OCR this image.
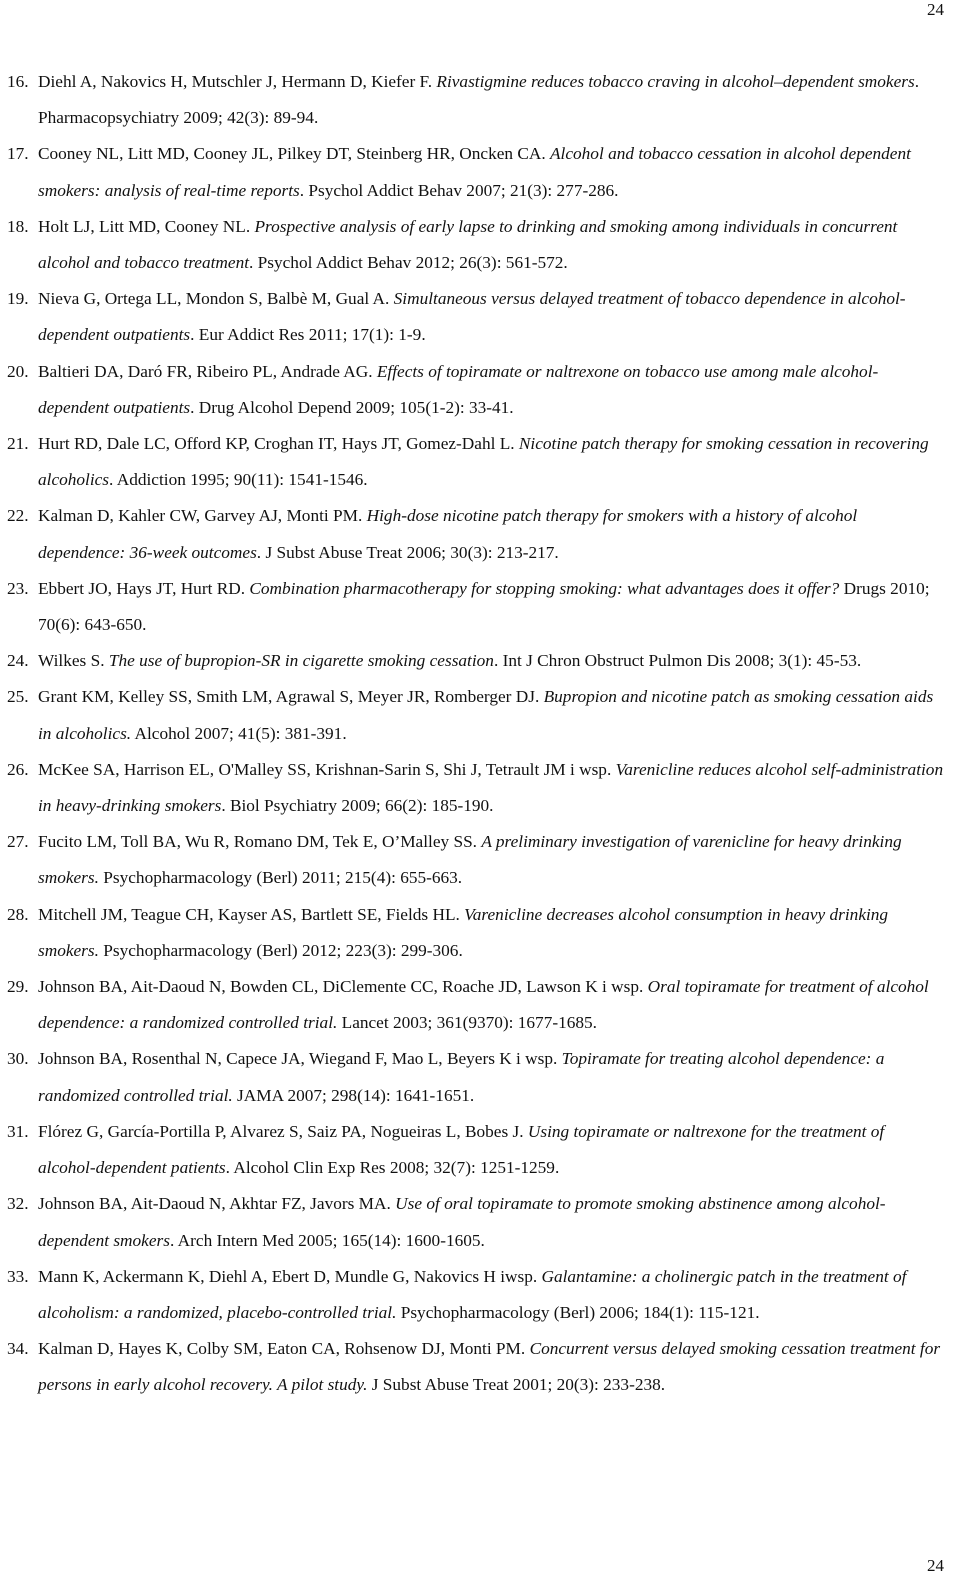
24
16. Diehl A, Nakovics H, Mutschler J, Hermann D, Kiefer F. Rivastigmine reduces tobacco craving in alcohol–dependent smokers. Pharmacopsychiatry 2009; 42(3): 89-94.
17. Cooney NL, Litt MD, Cooney JL, Pilkey DT, Steinberg HR, Oncken CA. Alcohol and tobacco cessation in alcohol dependent smokers: analysis of real-time reports. Psychol Addict Behav 2007; 21(3): 277-286.
18. Holt LJ, Litt MD, Cooney NL. Prospective analysis of early lapse to drinking and smoking among individuals in concurrent alcohol and tobacco treatment. Psychol Addict Behav 2012; 26(3): 561-572.
19. Nieva G, Ortega LL, Mondon S, Balbè M, Gual A. Simultaneous versus delayed treatment of tobacco dependence in alcohol-dependent outpatients. Eur Addict Res 2011; 17(1): 1-9.
20. Baltieri DA, Daró FR, Ribeiro PL, Andrade AG. Effects of topiramate or naltrexone on tobacco use among male alcohol-dependent outpatients. Drug Alcohol Depend 2009; 105(1-2): 33-41.
21. Hurt RD, Dale LC, Offord KP, Croghan IT, Hays JT, Gomez-Dahl L. Nicotine patch therapy for smoking cessation in recovering alcoholics. Addiction 1995; 90(11): 1541-1546.
22. Kalman D, Kahler CW, Garvey AJ, Monti PM. High-dose nicotine patch therapy for smokers with a history of alcohol dependence: 36-week outcomes. J Subst Abuse Treat 2006; 30(3): 213-217.
23. Ebbert JO, Hays JT, Hurt RD. Combination pharmacotherapy for stopping smoking: what advantages does it offer? Drugs 2010; 70(6): 643-650.
24. Wilkes S. The use of bupropion-SR in cigarette smoking cessation. Int J Chron Obstruct Pulmon Dis 2008; 3(1): 45-53.
25. Grant KM, Kelley SS, Smith LM, Agrawal S, Meyer JR, Romberger DJ. Bupropion and nicotine patch as smoking cessation aids in alcoholics. Alcohol 2007; 41(5): 381-391.
26. McKee SA, Harrison EL, O'Malley SS, Krishnan-Sarin S, Shi J, Tetrault JM i wsp. Varenicline reduces alcohol self-administration in heavy-drinking smokers. Biol Psychiatry 2009; 66(2): 185-190.
27. Fucito LM, Toll BA, Wu R, Romano DM, Tek E, O’Malley SS. A preliminary investigation of varenicline for heavy drinking smokers. Psychopharmacology (Berl) 2011; 215(4): 655-663.
28. Mitchell JM, Teague CH, Kayser AS, Bartlett SE, Fields HL. Varenicline decreases alcohol consumption in heavy drinking smokers. Psychopharmacology (Berl) 2012; 223(3): 299-306.
29. Johnson BA, Ait-Daoud N, Bowden CL, DiClemente CC, Roache JD, Lawson K i wsp. Oral topiramate for treatment of alcohol dependence: a randomized controlled trial. Lancet 2003; 361(9370): 1677-1685.
30. Johnson BA, Rosenthal N, Capece JA, Wiegand F, Mao L, Beyers K i wsp. Topiramate for treating alcohol dependence: a randomized controlled trial. JAMA 2007; 298(14): 1641-1651.
31. Flórez G, García-Portilla P, Alvarez S, Saiz PA, Nogueiras L, Bobes J. Using topiramate or naltrexone for the treatment of alcohol-dependent patients. Alcohol Clin Exp Res 2008; 32(7): 1251-1259.
32. Johnson BA, Ait-Daoud N, Akhtar FZ, Javors MA. Use of oral topiramate to promote smoking abstinence among alcohol-dependent smokers. Arch Intern Med 2005; 165(14): 1600-1605.
33. Mann K, Ackermann K, Diehl A, Ebert D, Mundle G, Nakovics H iwsp. Galantamine: a cholinergic patch in the treatment of alcoholism: a randomized, placebo-controlled trial. Psychopharmacology (Berl) 2006; 184(1): 115-121.
34. Kalman D, Hayes K, Colby SM, Eaton CA, Rohsenow DJ, Monti PM. Concurrent versus delayed smoking cessation treatment for persons in early alcohol recovery. A pilot study. J Subst Abuse Treat 2001; 20(3): 233-238.
24
